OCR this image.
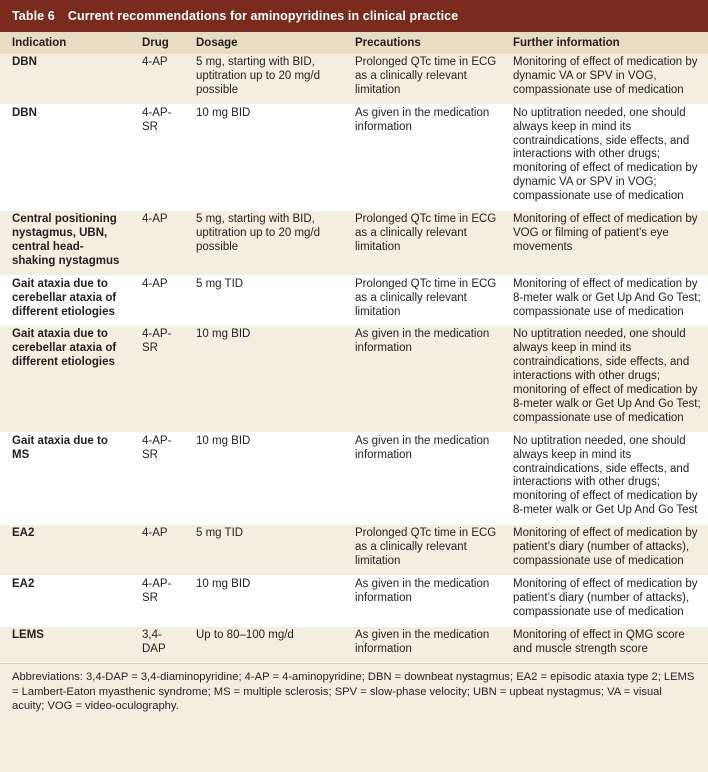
Table 6 Current recommendations for aminopyridines in clinical practice
Indication	Drug	Dosage	Precautions	Further information
DBN	4-AP	5 mg, starting with BID, uptitration up to 20 mg/d possible	Prolonged QTc time in ECG as a clinically relevant limitation	Monitoring of effect of medication by dynamic VA or SPV in VOG, compassionate use of medication
DBN	4-AP-SR	10 mg BID	As given in the medication information	No uptitration needed, one should always keep in mind its contraindications, side effects, and interactions with other drugs; monitoring of effect of medication by dynamic VA or SPV in VOG; compassionate use of medication
Central positioning nystagmus, UBN, central head-shaking nystagmus	4-AP	5 mg, starting with BID, uptitration up to 20 mg/d possible	Prolonged QTc time in ECG as a clinically relevant limitation	Monitoring of effect of medication by VOG or filming of patient’s eye movements
Gait ataxia due to cerebellar ataxia of different etiologies	4-AP	5 mg TID	Prolonged QTc time in ECG as a clinically relevant limitation	Monitoring of effect of medication by 8-meter walk or Get Up And Go Test; compassionate use of medication
Gait ataxia due to cerebellar ataxia of different etiologies	4-AP-SR	10 mg BID	As given in the medication information	No uptitration needed, one should always keep in mind its contraindications, side effects, and interactions with other drugs; monitoring of effect of medication by 8-meter walk or Get Up And Go Test; compassionate use of medication
Gait ataxia due to MS	4-AP-SR	10 mg BID	As given in the medication information	No uptitration needed, one should always keep in mind its contraindications, side effects, and interactions with other drugs; monitoring of effect of medication by 8-meter walk or Get Up And Go Test
EA2	4-AP	5 mg TID	Prolonged QTc time in ECG as a clinically relevant limitation	Monitoring of effect of medication by patient’s diary (number of attacks), compassionate use of medication
EA2	4-AP-SR	10 mg BID	As given in the medication information	Monitoring of effect of medication by patient’s diary (number of attacks), compassionate use of medication
LEMS	3,4-DAP	Up to 80–100 mg/d	As given in the medication information	Monitoring of effect in QMG score and muscle strength score
Abbreviations: 3,4-DAP = 3,4-diaminopyridine; 4-AP = 4-aminopyridine; DBN = downbeat nystagmus; EA2 = episodic ataxia type 2; LEMS = Lambert-Eaton myasthenic syndrome; MS = multiple sclerosis; SPV = slow-phase velocity; UBN = upbeat nystagmus; VA = visual acuity; VOG = video-oculography.
